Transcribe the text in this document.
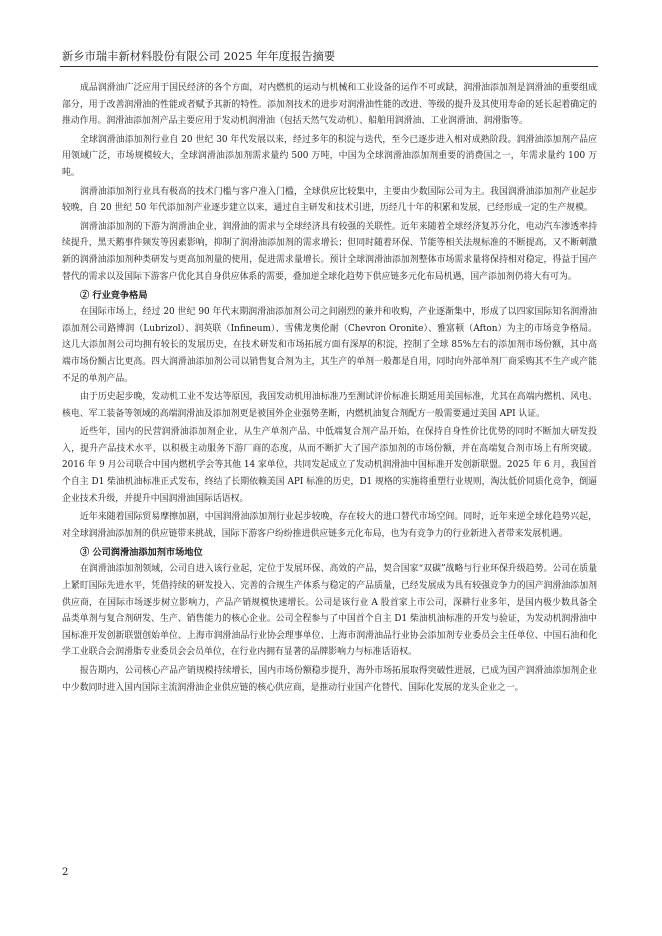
新乡市瑞丰新材料股份有限公司 2025 年年度报告摘要

成品润滑油广泛应用于国民经济的各个方面，对内燃机的运动与机械和工业设备的运作不可或缺，润滑油添加剂是润滑油的重要组成部分，用于改善润滑油的性能或者赋予其新的特性。添加剂技术的进步对润滑油性能的改进、等级的提升及其使用寿命的延长起着确定的推动作用。润滑油添加剂产品主要应用于发动机润滑油（包括天然气发动机）、船舶用润滑油、工业润滑油、润滑脂等。

全球润滑油添加剂行业自 20 世纪 30 年代发展以来，经过多年的积淀与迭代，至今已逐步进入相对成熟阶段。润滑油添加剂产品应用领域广泛，市场规模较大，全球润滑油添加剂需求量约 500 万吨，中国为全球润滑油添加剂重要的消费国之一，年需求量约 100 万吨。

润滑油添加剂行业具有极高的技术门槛与客户准入门槛，全球供应比较集中，主要由少数国际公司为主。我国润滑油添加剂产业起步较晚，自 20 世纪 50 年代添加剂产业逐步建立以来，通过自主研发和技术引进，历经几十年的积累和发展，已经形成一定的生产规模。

润滑油添加剂的下游为润滑油企业，润滑油的需求与全球经济具有较强的关联性。近年来随着全球经济复苏分化，电动汽车渗透率持续提升，黑天鹅事件频发等因素影响，抑制了润滑油添加剂的需求增长；但同时随着环保、节能等相关法规标准的不断提高，又不断刺激新的润滑油添加剂种类研发与更高加剂量的使用，促进需求量增长。预计全球润滑油添加剂整体市场需求量将保持相对稳定，得益于国产替代的需求以及国际下游客户优化其自身供应体系的需要，叠加逆全球化趋势下供应链多元化布局机遇，国产添加剂仍将大有可为。

② 行业竞争格局

在国际市场上，经过 20 世纪 90 年代末期润滑油添加剂公司之间剧烈的兼并和收购，产业逐渐集中，形成了以四家国际知名润滑油添加剂公司路博润（Lubrizol）、润英联（Infineum）、雪佛龙奥伦耐（Chevron Oronite）、雅富顿（Afton）为主的市场竞争格局。这几大添加剂公司均拥有较长的发展历史，在技术研发和市场拓展方面有深厚的积淀，控制了全球 85%左右的添加剂市场份额，其中高端市场份额占比更高。四大润滑油添加剂公司以销售复合剂为主，其生产的单剂一般都是自用，同时向外部单剂厂商采购其不生产或产能不足的单剂产品。

由于历史起步晚，发动机工业不发达等原因，我国发动机用油标准乃至测试评价标准长期延用美国标准，尤其在高端内燃机、风电、核电、军工装备等领域的高端润滑油及添加剂更是被国外企业强势垄断，内燃机油复合剂配方一般需要通过美国 API 认证。

近些年，国内的民营润滑油添加剂企业，从生产单剂产品、中低端复合剂产品开始，在保持自身性价比优势的同时不断加大研发投入，提升产品技术水平，以积极主动服务下游厂商的态度，从而不断扩大了国产添加剂的市场份额，并在高端复合剂市场上有所突破。2016 年 9 月公司联合中国内燃机学会等其他 14 家单位，共同发起成立了发动机润滑油中国标准开发创新联盟。2025 年 6 月，我国首个自主 D1 柴油机油标准正式发布，终结了长期依赖美国 API 标准的历史，D1 规格的实施将重塑行业规则，淘汰低价同质化竞争，倒逼企业技术升级，并提升中国润滑油国际话语权。

近年来随着国际贸易摩擦加剧，中国润滑油添加剂行业起步较晚，存在较大的进口替代市场空间。同时，近年来逆全球化趋势兴起，对全球润滑油添加剂的供应链带来挑战，国际下游客户纷纷推进供应链多元化布局，也为有竞争力的行业新进入者带来发展机遇。

③ 公司润滑油添加剂市场地位

在润滑油添加剂领域，公司自进入该行业起，定位于发展环保、高效的产品，契合国家“双碳”战略与行业环保升级趋势。公司在质量上紧盯国际先进水平，凭借持续的研发投入、完善的合规生产体系与稳定的产品质量，已经发展成为具有较强竞争力的国产润滑油添加剂供应商，在国际市场逐步树立影响力，产品产销规模快速增长。公司是该行业 A 股首家上市公司，深耕行业多年，是国内极少数具备全品类单剂与复合剂研发、生产、销售能力的核心企业。公司全程参与了中国首个自主 D1 柴油机油标准的开发与验证，为发动机润滑油中国标准开发创新联盟创始单位、上海市润滑油品行业协会理事单位、上海市润滑油品行业协会添加剂专业委员会主任单位、中国石油和化学工业联合会润滑脂专业委员会会员单位，在行业内拥有显著的品牌影响力与标准话语权。

报告期内，公司核心产品产销规模持续增长，国内市场份额稳步提升，海外市场拓展取得突破性进展，已成为国产润滑油添加剂企业中少数同时进入国内国际主流润滑油企业供应链的核心供应商，是推动行业国产化替代、国际化发展的龙头企业之一。

2
